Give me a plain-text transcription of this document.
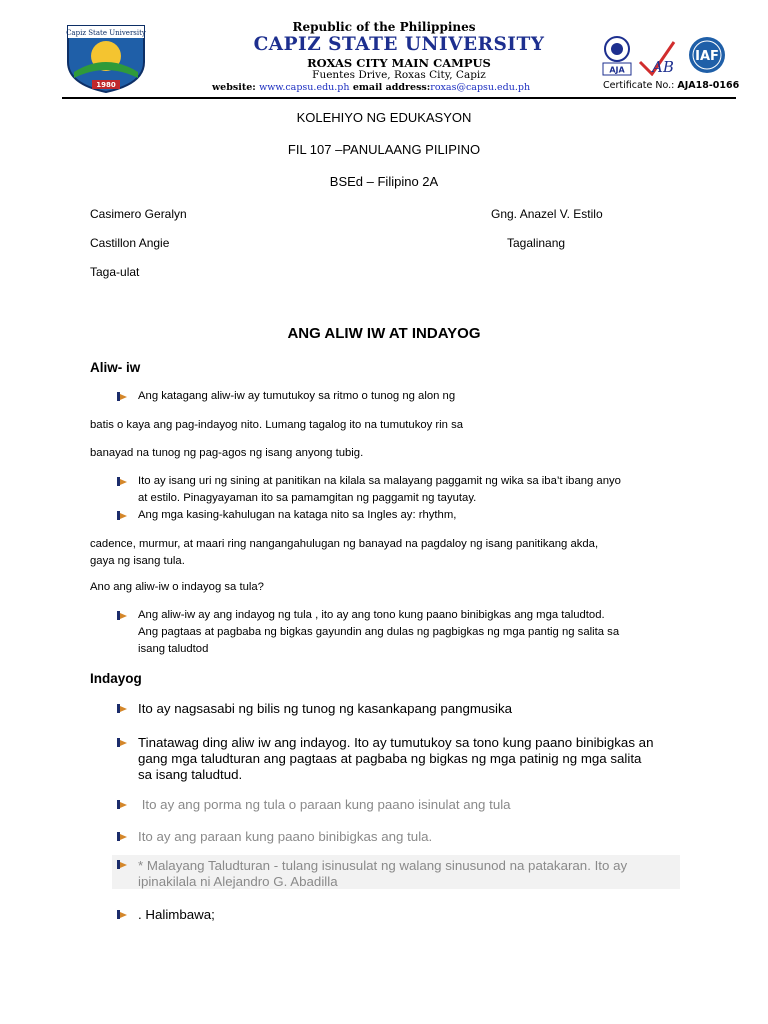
Capiz State University
1980
Republic of the Philippines
CAPIZ STATE UNIVERSITY
ROXAS CITY MAIN CAMPUS
Fuentes Drive, Roxas City, Capiz
website: www.capsu.edu.ph email address:roxas@capsu.edu.ph
AJA AB
IAF
Certificate No.: AJA18-0166
KOLEHIYO NG EDUKASYON
FIL 107 –PANULAANG PILIPINO
BSEd – Filipino 2A
Casimero Geralyn
Castillon Angie
Taga-ulat
Gng. Anazel V. Estilo
Tagalinang
ANG ALIW IW AT INDAYOG
Aliw- iw
Ang katagang aliw-iw ay tumutukoy sa ritmo o tunog ng alon ng
batis o kaya ang pag-indayog nito. Lumang tagalog ito na tumutukoy rin sa
banayad na tunog ng pag-agos ng isang anyong tubig.
Ito ay isang uri ng sining at panitikan na kilala sa malayang paggamit ng wika sa iba’t ibang anyo
at estilo. Pinagyayaman ito sa pamamgitan ng paggamit ng tayutay.
Ang mga kasing-kahulugan na kataga nito sa Ingles ay: rhythm,
cadence, murmur, at maari ring nangangahulugan ng banayad na pagdaloy ng isang panitikang akda,
gaya ng isang tula.
Ano ang aliw-iw o indayog sa tula?
Ang aliw-iw ay ang indayog ng tula , ito ay ang tono kung paano binibigkas ang mga taludtod.
Ang pagtaas at pagbaba ng bigkas gayundin ang dulas ng pagbigkas ng mga pantig ng salita sa
isang taludtod
Indayog
Ito ay nagsasabi ng bilis ng tunog ng kasankapang pangmusika
Tinatawag ding aliw iw ang indayog. Ito ay tumutukoy sa tono kung paano binibigkas an
gang mga taludturan ang pagtaas at pagbaba ng bigkas ng mga patinig ng mga salita
sa isang taludtud.
Ito ay ang porma ng tula o paraan kung paano isinulat ang tula
Ito ay ang paraan kung paano binibigkas ang tula.
* Malayang Taludturan - tulang isinusulat ng walang sinusunod na patakaran. Ito ay
ipinakilala ni Alejandro G. Abadilla
. Halimbawa;
